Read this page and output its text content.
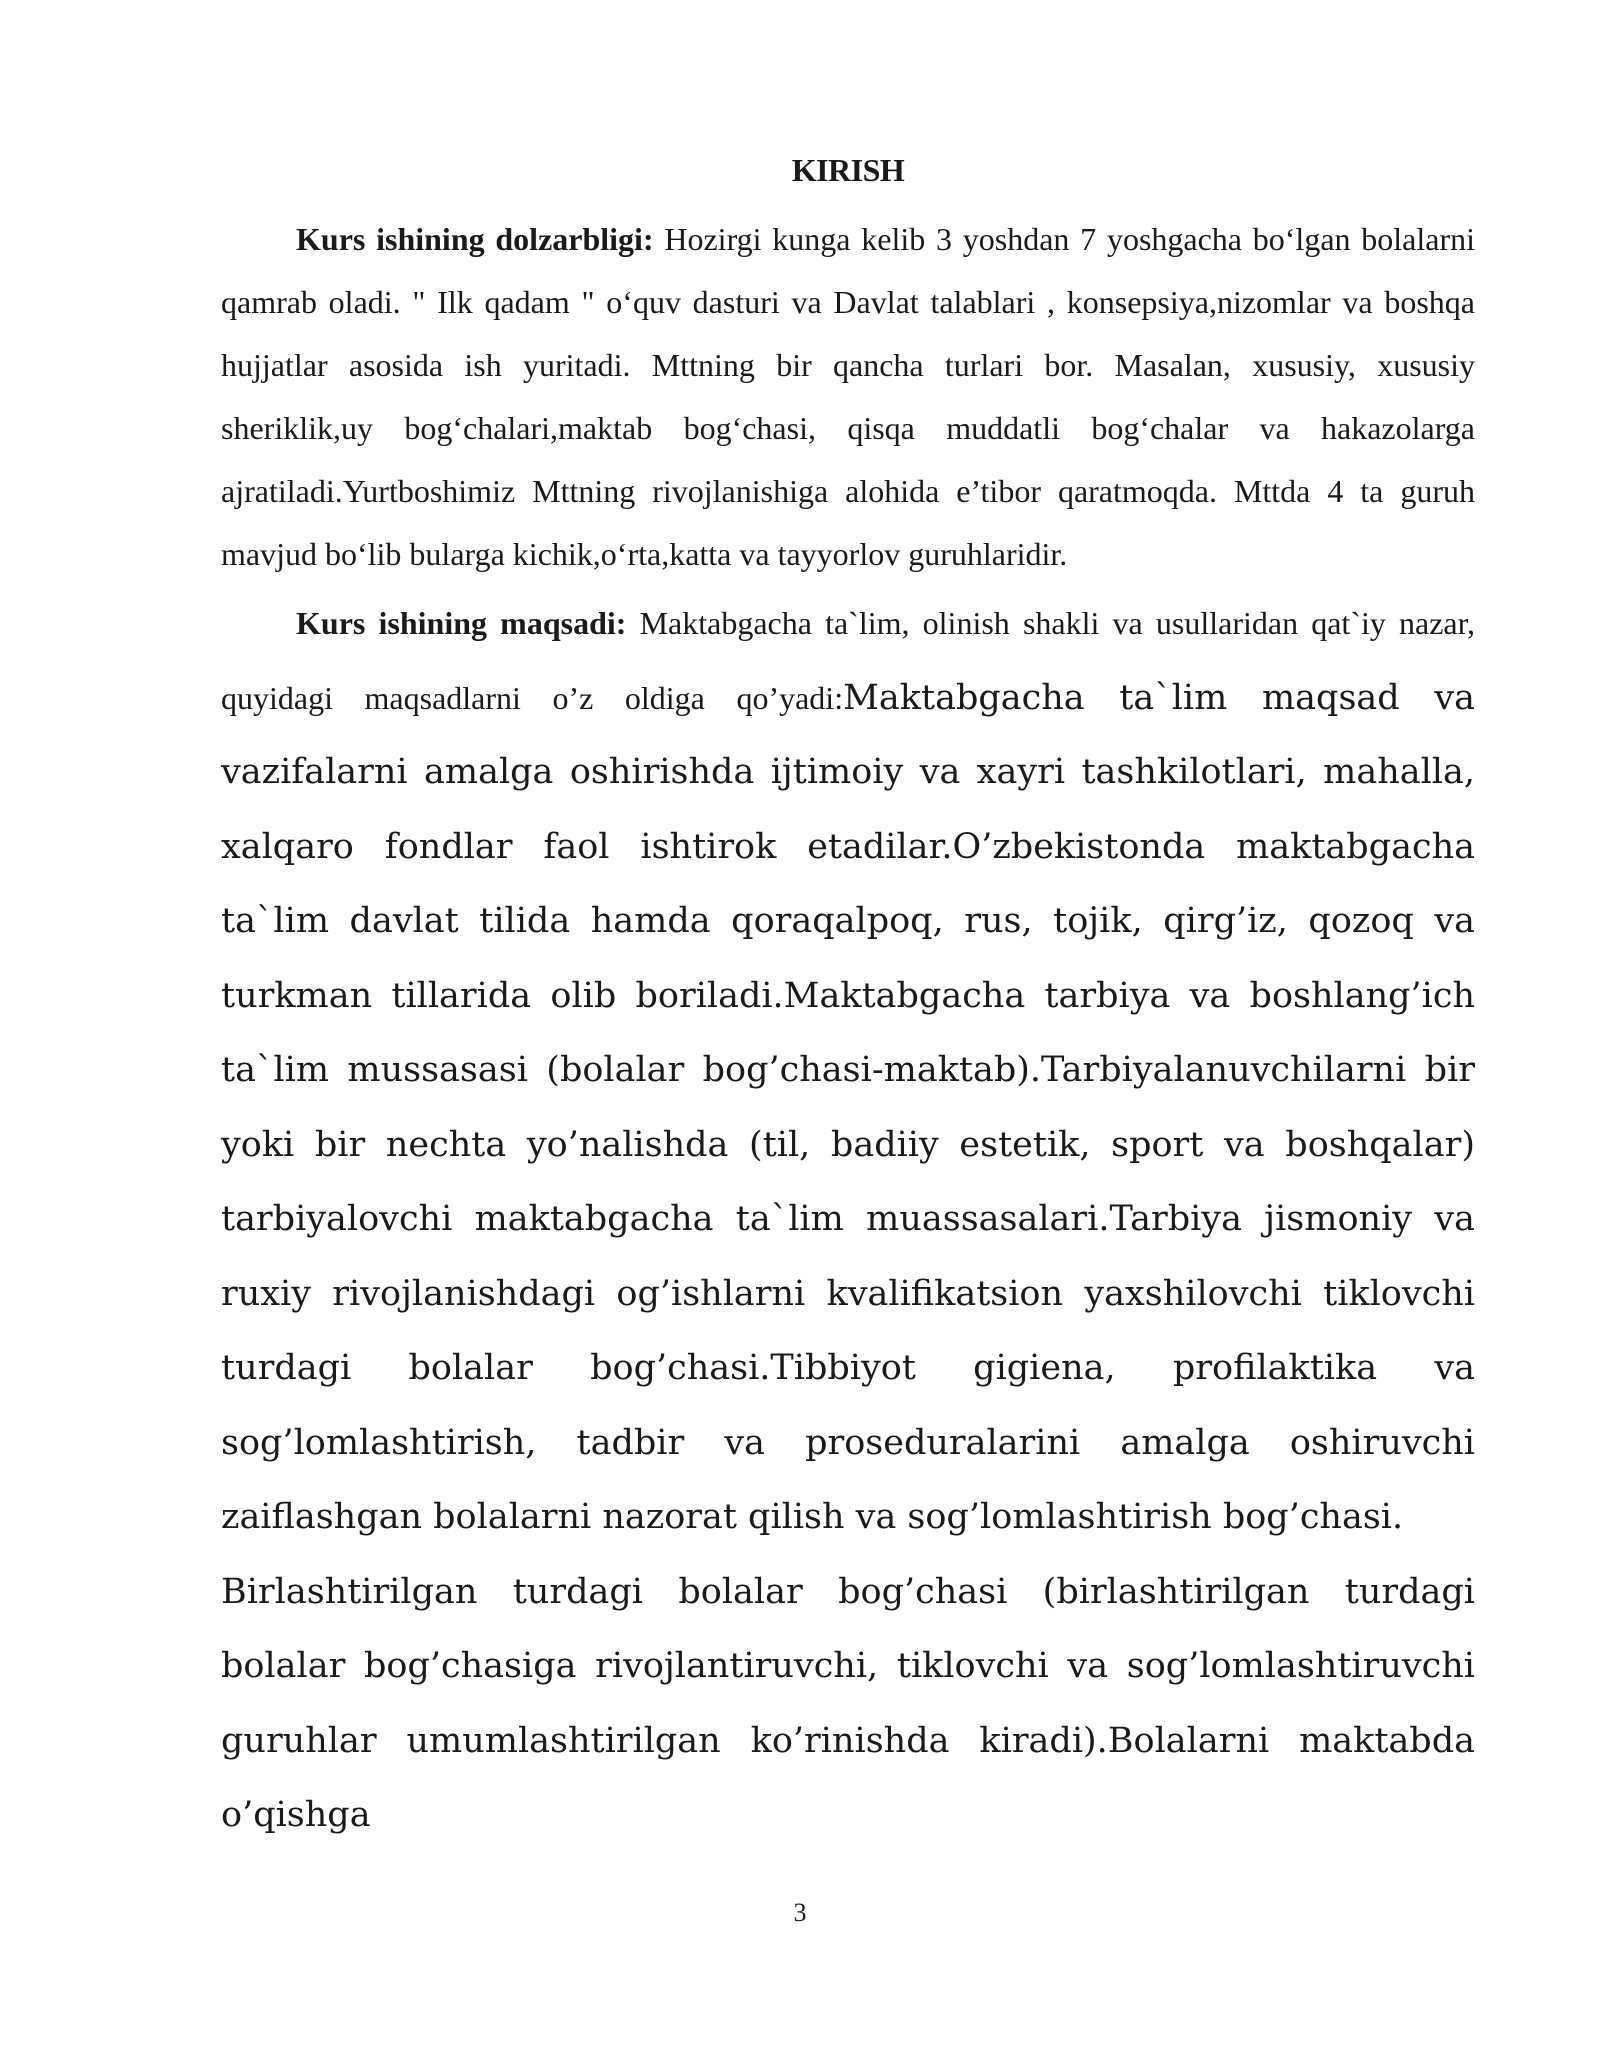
KIRISH

Kurs ishining dolzarbligi: Hozirgi kunga kelib 3 yoshdan 7 yoshgacha bo‘lgan bolalarni qamrab oladi. " Ilk qadam " o‘quv dasturi va Davlat talablari , konsepsiya,nizomlar va boshqa hujjatlar asosida ish yuritadi. Mttning bir qancha turlari bor. Masalan, xususiy, xususiy sheriklik,uy bog‘chalari,maktab bog‘chasi, qisqa muddatli bog‘chalar va hakazolarga ajratiladi.Yurtboshimiz Mttning rivojlanishiga alohida e’tibor qaratmoqda. Mttda 4 ta guruh mavjud bo‘lib bularga kichik,o‘rta,katta va tayyorlov guruhlaridir.

Kurs ishining maqsadi: Maktabgacha ta`lim, olinish shakli va usullaridan qat`iy nazar, quyidagi maqsadlarni o’z oldiga qo’yadi:Maktabgacha ta`lim maqsad va vazifalarni amalga oshirishda ijtimoiy va xayri tashkilotlari, mahalla, xalqaro fondlar faol ishtirok etadilar.O’zbekistonda maktabgacha ta`lim davlat tilida hamda qoraqalpoq, rus, tojik, qirg’iz, qozoq va turkman tillarida olib boriladi.Maktabgacha tarbiya va boshlang’ich ta`lim mussasasi (bolalar bog’chasi-maktab).Tarbiyalanuvchilarni bir yoki bir nechta yo’nalishda (til, badiiy estetik, sport va boshqalar) tarbiyalovchi maktabgacha ta`lim muassasalari.Tarbiya jismoniy va ruxiy rivojlanishdagi og’ishlarni kvalifikatsion yaxshilovchi tiklovchi turdagi bolalar bog’chasi.Tibbiyot gigiena, profilaktika va sog’lomlashtirish, tadbir va proseduralarini amalga oshiruvchi zaiflashgan bolalarni nazorat qilish va sog’lomlashtirish bog’chasi.

Birlashtirilgan turdagi bolalar bog’chasi (birlashtirilgan turdagi bolalar bog’chasiga rivojlantiruvchi, tiklovchi va sog’lomlashtiruvchi guruhlar umumlashtirilgan ko’rinishda kiradi).Bolalarni maktabda o’qishga

3
